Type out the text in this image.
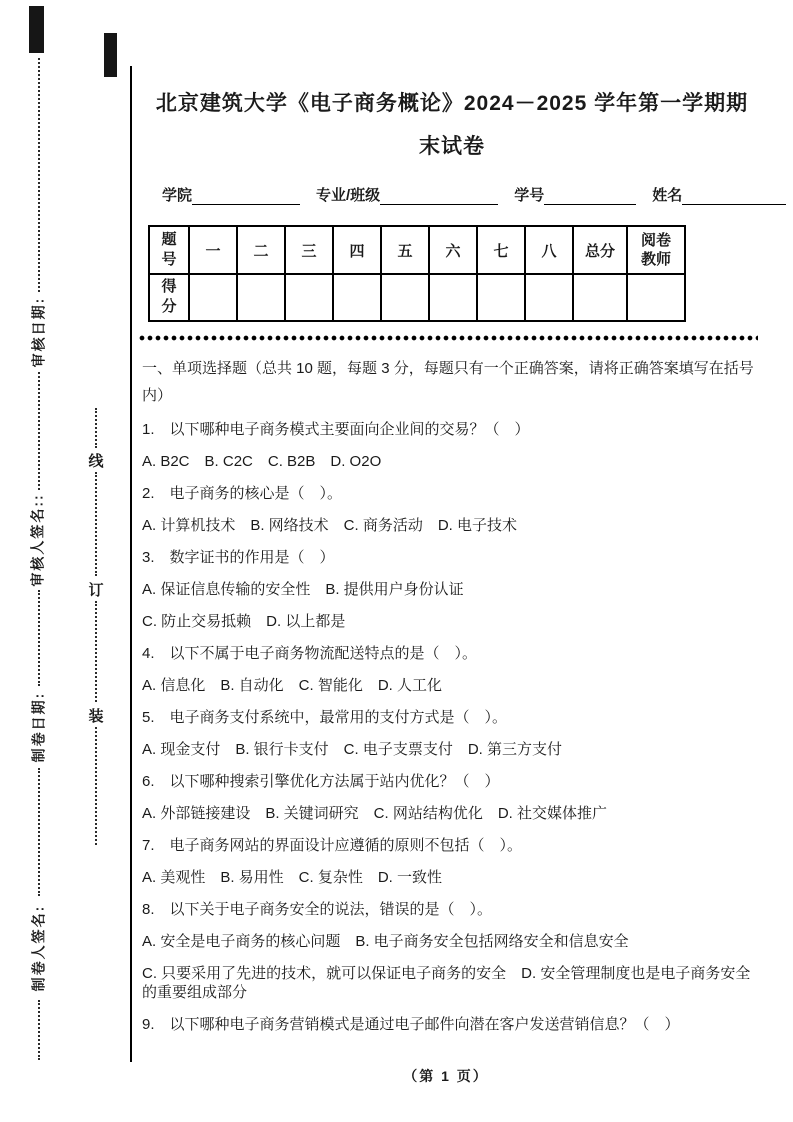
审核日期:
审核人签名::
制卷日期:
制卷人签名:
线
订
装
北京建筑大学《电子商务概论》2024－2025 学年第一学期期末试卷
学院	专业/班级	学号	姓名
题号	一	二	三	四	五	六	七	八	总分	阅卷教师
得分										
一、单项选择题（总共 10 题，每题 3 分，每题只有一个正确答案，请将正确答案填写在括号内）

1.　以下哪种电子商务模式主要面向企业间的交易？（　）

A. B2C　B. C2C　C. B2B　D. O2O

2.　电子商务的核心是（　）。

A. 计算机技术　B. 网络技术　C. 商务活动　D. 电子技术

3.　数字证书的作用是（　）

A. 保证信息传输的安全性　B. 提供用户身份认证

C. 防止交易抵赖　D. 以上都是

4.　以下不属于电子商务物流配送特点的是（　）。

A. 信息化　B. 自动化　C. 智能化　D. 人工化

5.　电子商务支付系统中，最常用的支付方式是（　）。

A. 现金支付　B. 银行卡支付　C. 电子支票支付　D. 第三方支付

6.　以下哪种搜索引擎优化方法属于站内优化？（　）

A. 外部链接建设　B. 关键词研究　C. 网站结构优化　D. 社交媒体推广

7.　电子商务网站的界面设计应遵循的原则不包括（　）。

A. 美观性　B. 易用性　C. 复杂性　D. 一致性

8.　以下关于电子商务安全的说法，错误的是（　）。

A. 安全是电子商务的核心问题　B. 电子商务安全包括网络安全和信息安全

C. 只要采用了先进的技术，就可以保证电子商务的安全　D. 安全管理制度也是电子商务安全的重要组成部分

9.　以下哪种电子商务营销模式是通过电子邮件向潜在客户发送营销信息？（　）

（第 1 页）
